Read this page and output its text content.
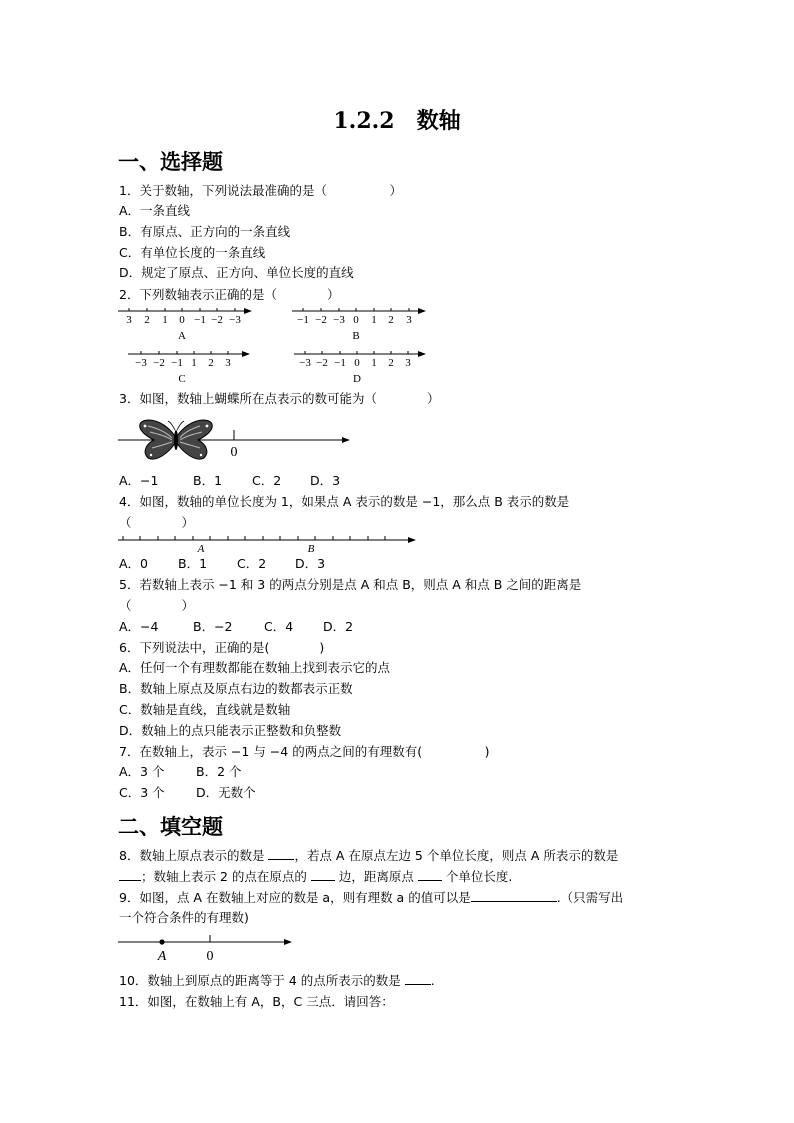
1.2.2　数轴
一、选择题
1．关于数轴，下列说法最准确的是（　　　　　）
A．一条直线
B．有原点、正方向的一条直线
C．有单位长度的一条直线
D．规定了原点、正方向、单位长度的直线
2．下列数轴表示正确的是（　　　　）
3 2 1 0 −1 −2 −3
A
−1 −2 −3 0 1 2 3
B
−3 −2 −1 1 2 3
C
−3 −2 −1 0 1 2 3
D
3．如图，数轴上蝴蝶所在点表示的数可能为（　　　　）
0
A．−1	B．1 C．2 D．3
4．如图，数轴的单位长度为 1，如果点 A 表示的数是 −1，那么点 B 表示的数是
（　　　　）
A	B
A．0 B．1 C．2 D．3
5．若数轴上表示 −1 和 3 的两点分别是点 A 和点 B，则点 A 和点 B 之间的距离是
（　　　　）
A．−4	B．−2	C．4 D．2
6．下列说法中，正确的是(　　　　)
A．任何一个有理数都能在数轴上找到表示它的点
B．数轴上原点及原点右边的数都表示正数
C．数轴是直线，直线就是数轴
D．数轴上的点只能表示正整数和负整数
7．在数轴上，表示 −1 与 −4 的两点之间的有理数有(　　　　　)
A．3 个	B．2 个
C．3 个	D．无数个
二、填空题
8．数轴上原点表示的数是 ，若点 A 在原点左边 5 个单位长度，则点 A 所表示的数是
；数轴上表示 2 的点在原点的	边，距离原点	个单位长度.
9．如图，点 A 在数轴上对应的数是 a，则有理数 a 的值可以是	.（只需写出
一个符合条件的有理数)
A	0
10．数轴上到原点的距离等于 4 的点所表示的数是 .
11．如图，在数轴上有 A，B，C 三点．请回答：
